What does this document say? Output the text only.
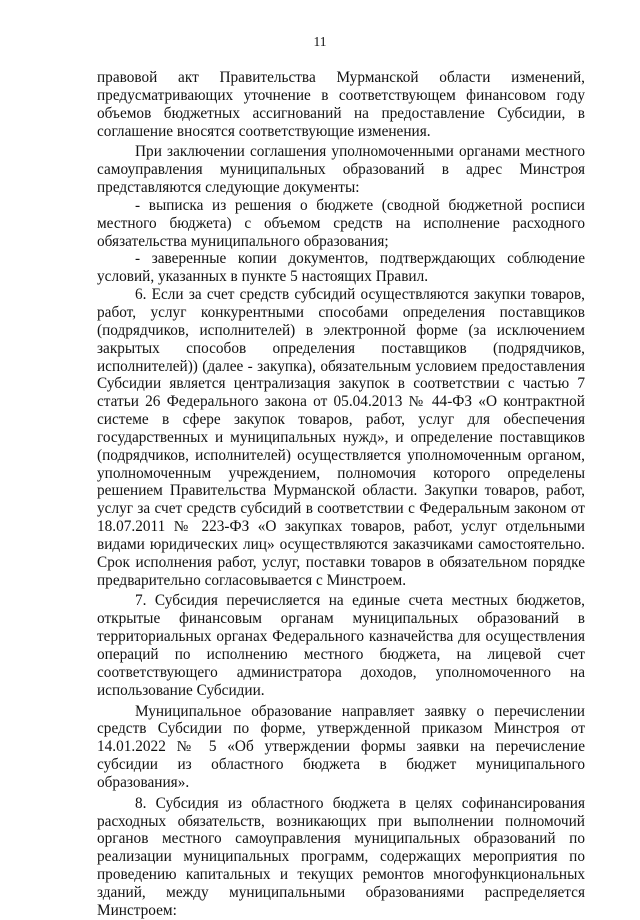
11

правовой акт Правительства Мурманской области изменений, предусматривающих уточнение в соответствующем финансовом году объемов бюджетных ассигнований на предоставление Субсидии, в соглашение вносятся соответствующие изменения.

При заключении соглашения уполномоченными органами местного самоуправления муниципальных образований в адрес Минстроя представляются следующие документы:

- выписка из решения о бюджете (сводной бюджетной росписи местного бюджета) с объемом средств на исполнение расходного обязательства муниципального образования;

- заверенные копии документов, подтверждающих соблюдение условий, указанных в пункте 5 настоящих Правил.

6. Если за счет средств субсидий осуществляются закупки товаров, работ, услуг конкурентными способами определения поставщиков (подрядчиков, исполнителей) в электронной форме (за исключением закрытых способов определения поставщиков (подрядчиков, исполнителей)) (далее - закупка), обязательным условием предоставления Субсидии является централизация закупок в соответствии с частью 7 статьи 26 Федерального закона от 05.04.2013 № 44-ФЗ «О контрактной системе в сфере закупок товаров, работ, услуг для обеспечения государственных и муниципальных нужд», и определение поставщиков (подрядчиков, исполнителей) осуществляется уполномоченным органом, уполномоченным учреждением, полномочия которого определены решением Правительства Мурманской области. Закупки товаров, работ, услуг за счет средств субсидий в соответствии с Федеральным законом от 18.07.2011 № 223-ФЗ «О закупках товаров, работ, услуг отдельными видами юридических лиц» осуществляются заказчиками самостоятельно. Срок исполнения работ, услуг, поставки товаров в обязательном порядке предварительно согласовывается с Минстроем.

7. Субсидия перечисляется на единые счета местных бюджетов, открытые финансовым органам муниципальных образований в территориальных органах Федерального казначейства для осуществления операций по исполнению местного бюджета, на лицевой счет соответствующего администратора доходов, уполномоченного на использование Субсидии.

Муниципальное образование направляет заявку о перечислении средств Субсидии по форме, утвержденной приказом Минстроя от 14.01.2022 № 5 «Об утверждении формы заявки на перечисление субсидии из областного бюджета в бюджет муниципального образования».

8. Субсидия из областного бюджета в целях софинансирования расходных обязательств, возникающих при выполнении полномочий органов местного самоуправления муниципальных образований по реализации муниципальных программ, содержащих мероприятия по проведению капитальных и текущих ремонтов многофункциональных зданий, между муниципальными образованиями распределяется Минстроем:
